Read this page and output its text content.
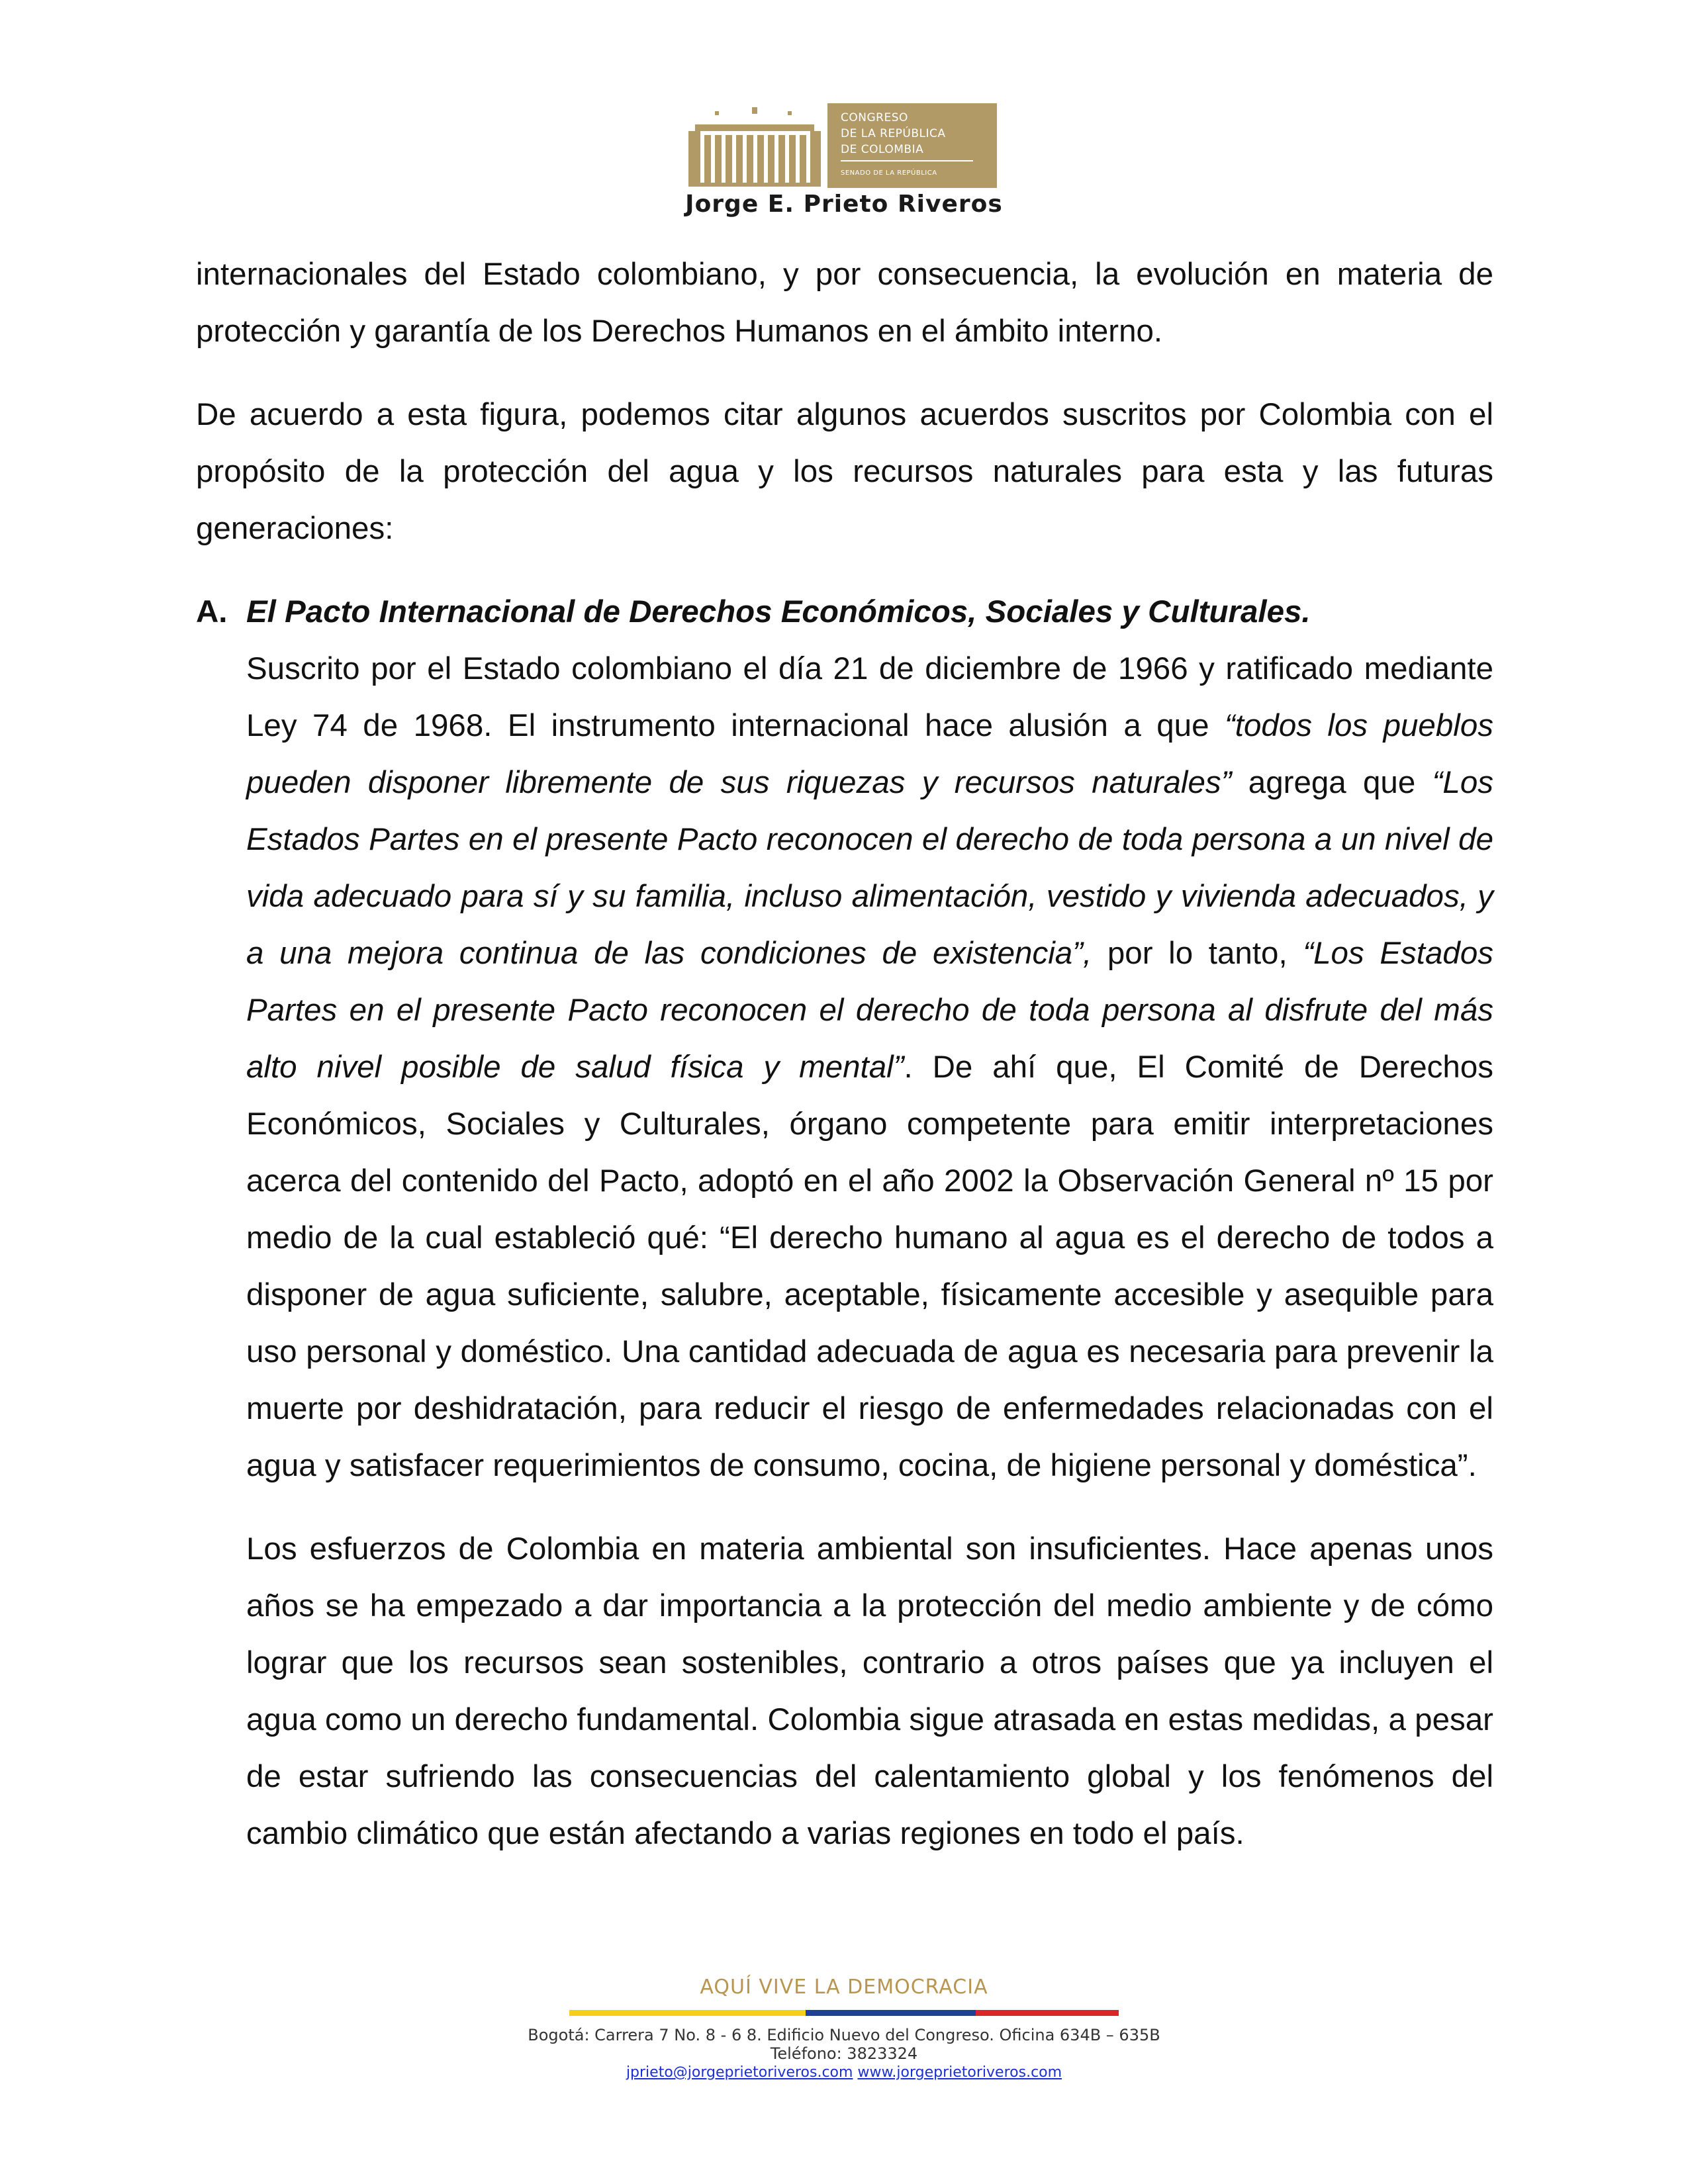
CONGRESO
DE LA REPÚBLICA
DE COLOMBIA
SENADO DE LA REPÚBLICA
Jorge E. Prieto Riveros

internacionales del Estado colombiano, y por consecuencia, la evolución en materia de protección y garantía de los Derechos Humanos en el ámbito interno.

De acuerdo a esta figura, podemos citar algunos acuerdos suscritos por Colombia con el propósito de la protección del agua y los recursos naturales para esta y las futuras generaciones:

A. El Pacto Internacional de Derechos Económicos, Sociales y Culturales.

Suscrito por el Estado colombiano el día 21 de diciembre de 1966 y ratificado mediante Ley 74 de 1968. El instrumento internacional hace alusión a que “todos los pueblos pueden disponer libremente de sus riquezas y recursos naturales” agrega que “Los Estados Partes en el presente Pacto reconocen el derecho de toda persona a un nivel de vida adecuado para sí y su familia, incluso alimentación, vestido y vivienda adecuados, y a una mejora continua de las condiciones de existencia”, por lo tanto, “Los Estados Partes en el presente Pacto reconocen el derecho de toda persona al disfrute del más alto nivel posible de salud física y mental”. De ahí que, El Comité de Derechos Económicos, Sociales y Culturales, órgano competente para emitir interpretaciones acerca del contenido del Pacto, adoptó en el año 2002 la Observación General nº 15 por medio de la cual estableció qué: “El derecho humano al agua es el derecho de todos a disponer de agua suficiente, salubre, aceptable, físicamente accesible y asequible para uso personal y doméstico. Una cantidad adecuada de agua es necesaria para prevenir la muerte por deshidratación, para reducir el riesgo de enfermedades relacionadas con el agua y satisfacer requerimientos de consumo, cocina, de higiene personal y doméstica”.

Los esfuerzos de Colombia en materia ambiental son insuficientes. Hace apenas unos años se ha empezado a dar importancia a la protección del medio ambiente y de cómo lograr que los recursos sean sostenibles, contrario a otros países que ya incluyen el agua como un derecho fundamental. Colombia sigue atrasada en estas medidas, a pesar de estar sufriendo las consecuencias del calentamiento global y los fenómenos del cambio climático que están afectando a varias regiones en todo el país.

AQUÍ VIVE LA DEMOCRACIA
Bogotá: Carrera 7 No. 8 - 6 8. Edificio Nuevo del Congreso. Oficina 634B – 635B
Teléfono: 3823324
jprieto@jorgeprietoriveros.com www.jorgeprietoriveros.com
